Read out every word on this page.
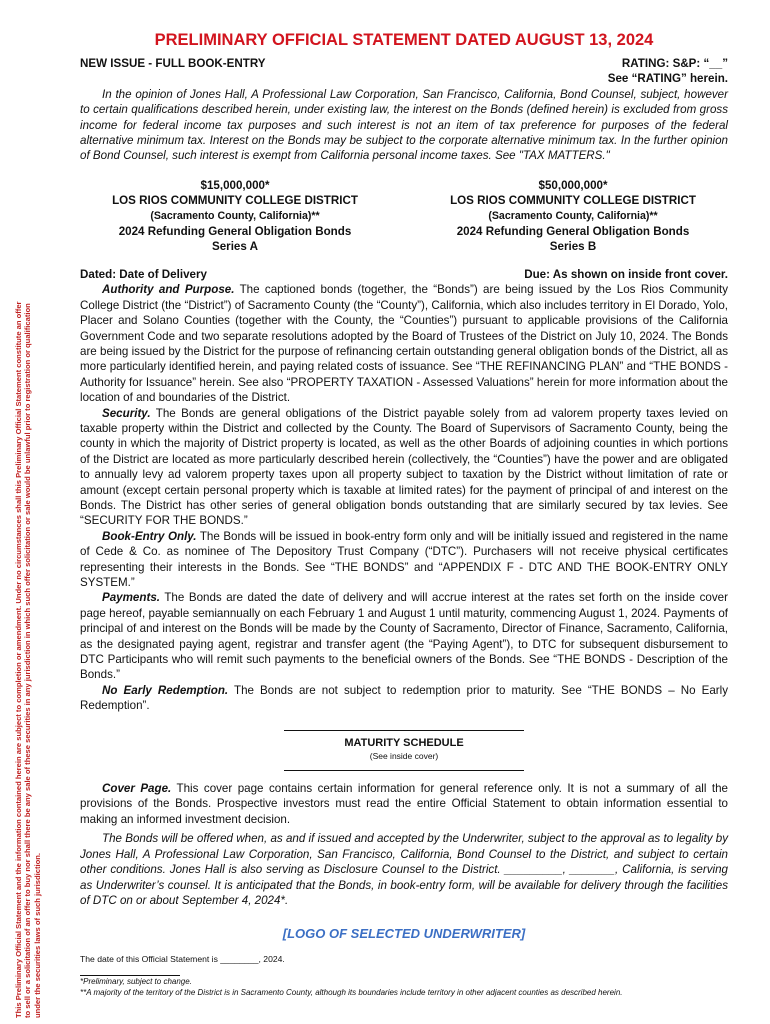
This Preliminary Official Statement and the information contained herein are subject to completion or amendment. Under no circumstances shall this Preliminary Official Statement constitute an offer to sell or a solicitation of an offer to buy nor shall there be any sale of these securities in any jurisdiction in which such offer solicitation or sale would be unlawful prior to registration or qualification under the securities laws of such jurisdiction.

PRELIMINARY OFFICIAL STATEMENT DATED AUGUST 13, 2024
NEW ISSUE - FULL BOOK-ENTRY	RATING: S&P: “__”
See “RATING” herein.

In the opinion of Jones Hall, A Professional Law Corporation, San Francisco, California, Bond Counsel, subject, however to certain qualifications described herein, under existing law, the interest on the Bonds (defined herein) is excluded from gross income for federal income tax purposes and such interest is not an item of tax preference for purposes of the federal alternative minimum tax. Interest on the Bonds may be subject to the corporate alternative minimum tax. In the further opinion of Bond Counsel, such interest is exempt from California personal income taxes. See "TAX MATTERS."

$15,000,000*
LOS RIOS COMMUNITY COLLEGE DISTRICT
(Sacramento County, California)**
2024 Refunding General Obligation Bonds
Series A
$50,000,000*
LOS RIOS COMMUNITY COLLEGE DISTRICT
(Sacramento County, California)**
2024 Refunding General Obligation Bonds
Series B
Dated: Date of Delivery	Due: As shown on inside front cover.

Authority and Purpose. The captioned bonds (together, the “Bonds”) are being issued by the Los Rios Community College District (the “District”) of Sacramento County (the “County”), California, which also includes territory in El Dorado, Yolo, Placer and Solano Counties (together with the County, the “Counties”) pursuant to applicable provisions of the California Government Code and two separate resolutions adopted by the Board of Trustees of the District on July 10, 2024. The Bonds are being issued by the District for the purpose of refinancing certain outstanding general obligation bonds of the District, all as more particularly identified herein, and paying related costs of issuance. See “THE REFINANCING PLAN” and “THE BONDS - Authority for Issuance” herein. See also “PROPERTY TAXATION - Assessed Valuations” herein for more information about the location of and boundaries of the District.

Security. The Bonds are general obligations of the District payable solely from ad valorem property taxes levied on taxable property within the District and collected by the County. The Board of Supervisors of Sacramento County, being the county in which the majority of District property is located, as well as the other Boards of adjoining counties in which portions of the District are located as more particularly described herein (collectively, the “Counties”) have the power and are obligated to annually levy ad valorem property taxes upon all property subject to taxation by the District without limitation of rate or amount (except certain personal property which is taxable at limited rates) for the payment of principal of and interest on the Bonds. The District has other series of general obligation bonds outstanding that are similarly secured by tax levies. See “SECURITY FOR THE BONDS.”

Book-Entry Only. The Bonds will be issued in book-entry form only and will be initially issued and registered in the name of Cede & Co. as nominee of The Depository Trust Company (“DTC”). Purchasers will not receive physical certificates representing their interests in the Bonds. See “THE BONDS” and “APPENDIX F - DTC AND THE BOOK-ENTRY ONLY SYSTEM.”

Payments. The Bonds are dated the date of delivery and will accrue interest at the rates set forth on the inside cover page hereof, payable semiannually on each February 1 and August 1 until maturity, commencing August 1, 2024. Payments of principal of and interest on the Bonds will be made by the County of Sacramento, Director of Finance, Sacramento, California, as the designated paying agent, registrar and transfer agent (the “Paying Agent”), to DTC for subsequent disbursement to DTC Participants who will remit such payments to the beneficial owners of the Bonds. See “THE BONDS - Description of the Bonds.”

No Early Redemption. The Bonds are not subject to redemption prior to maturity. See “THE BONDS – No Early Redemption”.

MATURITY SCHEDULE
(See inside cover)

Cover Page. This cover page contains certain information for general reference only. It is not a summary of all the provisions of the Bonds. Prospective investors must read the entire Official Statement to obtain information essential to making an informed investment decision.

The Bonds will be offered when, as and if issued and accepted by the Underwriter, subject to the approval as to legality by Jones Hall, A Professional Law Corporation, San Francisco, California, Bond Counsel to the District, and subject to certain other conditions. Jones Hall is also serving as Disclosure Counsel to the District. _________, _______, California, is serving as Underwriter’s counsel. It is anticipated that the Bonds, in book-entry form, will be available for delivery through the facilities of DTC on or about September 4, 2024*.

[LOGO OF SELECTED UNDERWRITER]
The date of this Official Statement is ________, 2024.
*Preliminary, subject to change.
**A majority of the territory of the District is in Sacramento County, although its boundaries include territory in other adjacent counties as described herein.
